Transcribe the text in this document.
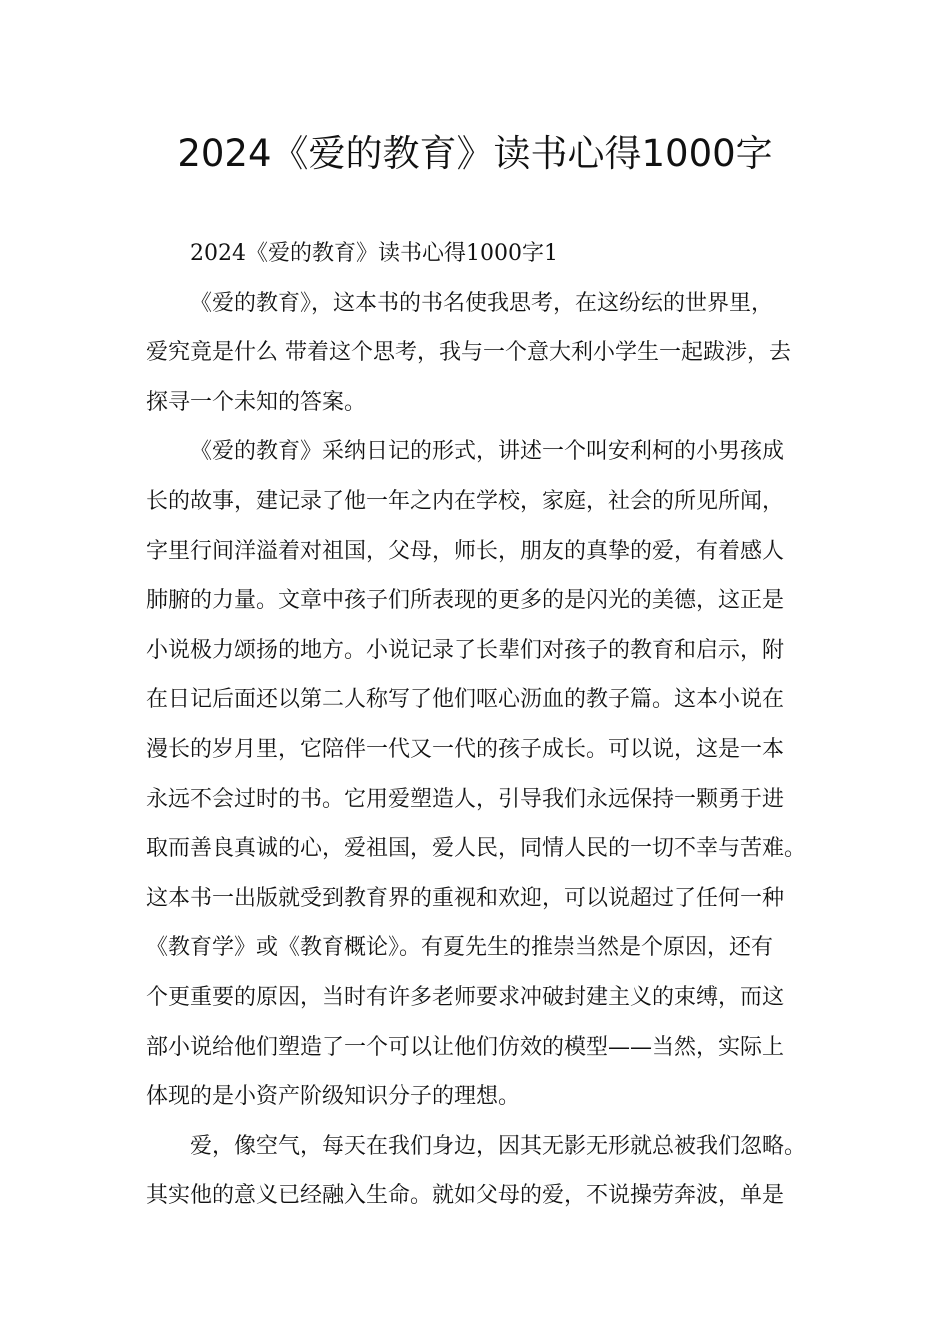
2024《爱的教育》读书心得1000字
2024《爱的教育》读书心得1000字1
《爱的教育》，这本书的书名使我思考，在这纷纭的世界里，
爱究竟是什么 带着这个思考，我与一个意大利小学生一起跋涉，去
探寻一个未知的答案。
《爱的教育》采纳日记的形式，讲述一个叫安利柯的小男孩成
长的故事，建记录了他一年之内在学校，家庭，社会的所见所闻，
字里行间洋溢着对祖国，父母，师长，朋友的真挚的爱，有着感人
肺腑的力量。文章中孩子们所表现的更多的是闪光的美德，这正是
小说极力颂扬的地方。小说记录了长辈们对孩子的教育和启示，附
在日记后面还以第二人称写了他们呕心沥血的教子篇。这本小说在
漫长的岁月里，它陪伴一代又一代的孩子成长。可以说，这是一本
永远不会过时的书。它用爱塑造人，引导我们永远保持一颗勇于进
取而善良真诚的心，爱祖国，爱人民，同情人民的一切不幸与苦难。
这本书一出版就受到教育界的重视和欢迎，可以说超过了任何一种
《教育学》或《教育概论》。有夏先生的推崇当然是个原因，还有
个更重要的原因，当时有许多老师要求冲破封建主义的束缚，而这
部小说给他们塑造了一个可以让他们仿效的模型——当然，实际上
体现的是小资产阶级知识分子的理想。
爱，像空气，每天在我们身边，因其无影无形就总被我们忽略。
其实他的意义已经融入生命。就如父母的爱，不说操劳奔波，单是
